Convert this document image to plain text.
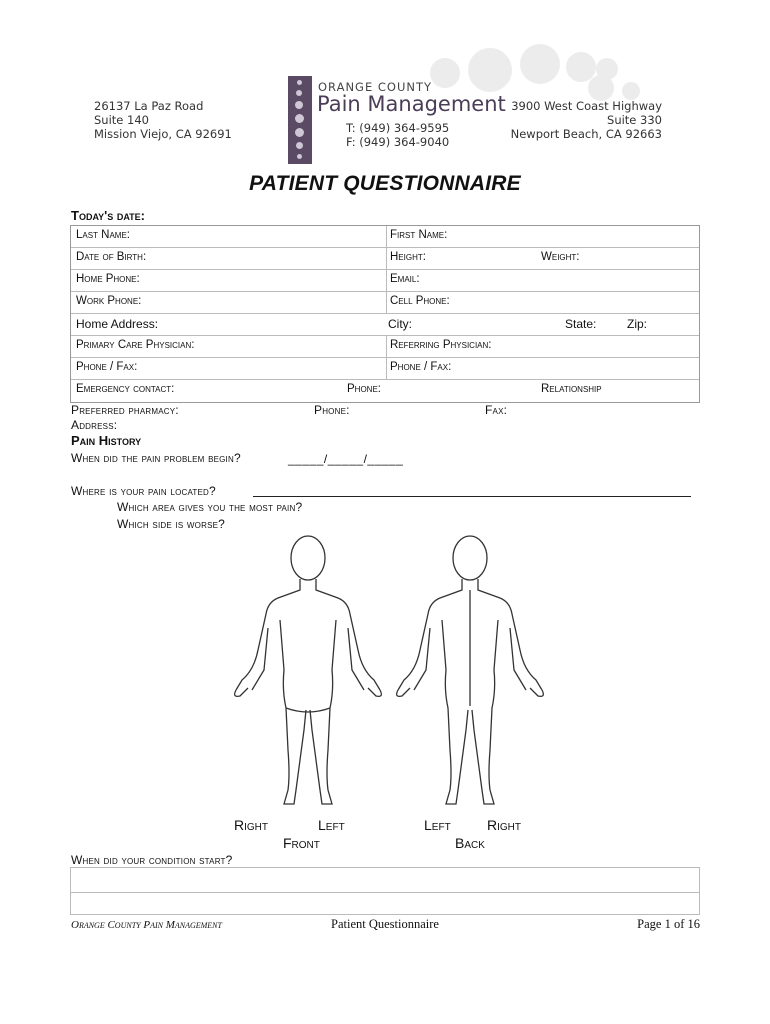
26137 La Paz Road
Suite 140
Mission Viejo, CA 92691
ORANGE COUNTY
Pain Management
T: (949) 364-9595
F: (949) 364-9040
3900 West Coast Highway
Suite 330
Newport Beach, CA 92663
PATIENT QUESTIONNAIRE
Today's date:
Last Name:	First Name:
Date of Birth:	Height:	Weight:
Home Phone:	Email:
Work Phone:	Cell Phone:
Home Address:	City:	State:	Zip:
Primary Care Physician:	Referring Physician:
Phone / Fax:	Phone / Fax:
Emergency contact:	Phone:	Relationship
Preferred pharmacy:	Phone:	Fax:
Address:
Pain History
When did the pain problem begin?	_____/_____/_____
Where is your pain located?
Which area gives you the most pain?
Which side is worse?
Right	Left
Front
Left	Right
Back
When did your condition start?
Orange County Pain Management	Patient Questionnaire	Page 1 of 16
